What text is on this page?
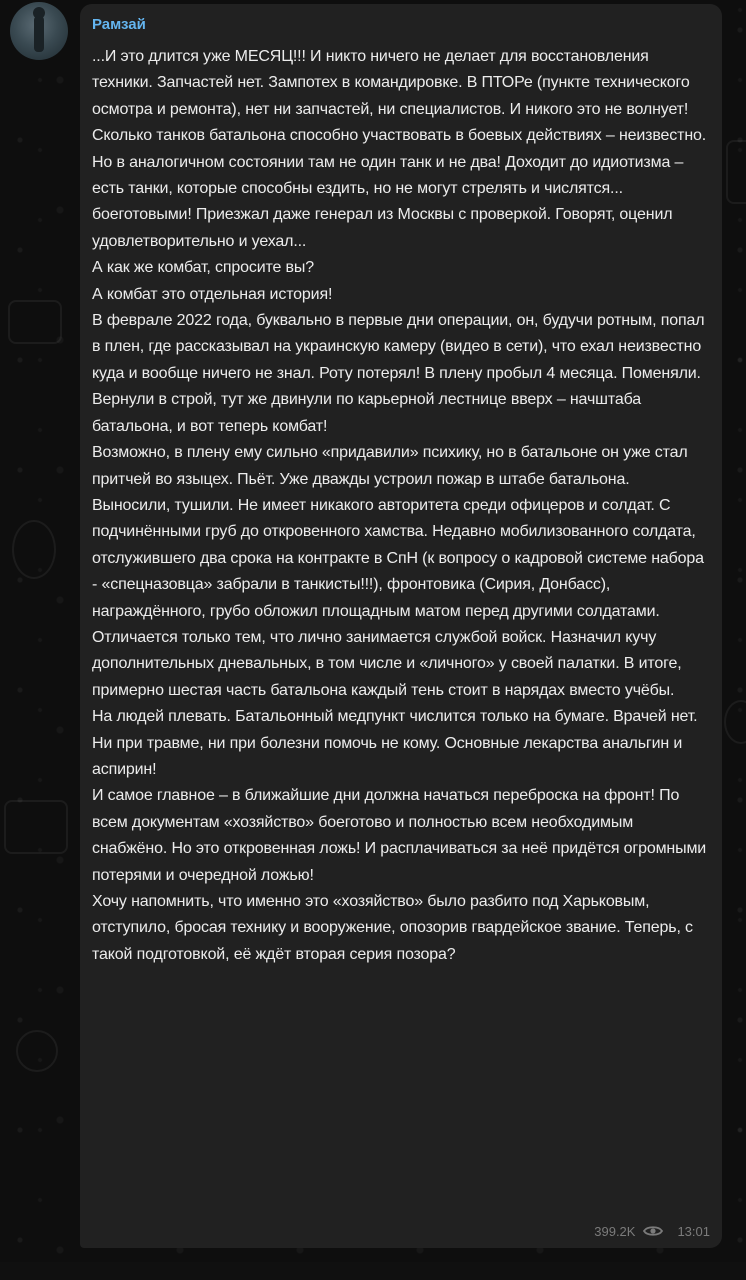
Рамзай

...И это длится уже МЕСЯЦ!!! И никто ничего не делает для восстановления техники. Запчастей нет. Зампотех в командировке. В ПТОРе (пункте технического осмотра и ремонта), нет ни запчастей, ни специалистов. И никого это не волнует!

Сколько танков батальона способно участвовать в боевых действиях – неизвестно. Но в аналогичном состоянии там не один танк и не два! Доходит до идиотизма – есть танки, которые способны ездить, но не могут стрелять и числятся... боеготовыми! Приезжал даже генерал из Москвы с проверкой. Говорят, оценил удовлетворительно и уехал...

А как же комбат, спросите вы?

А комбат это отдельная история!

В феврале 2022 года, буквально в первые дни операции, он, будучи ротным, попал в плен, где рассказывал на украинскую камеру (видео в сети), что ехал неизвестно куда и вообще ничего не знал. Роту потерял! В плену пробыл 4 месяца. Поменяли. Вернули в строй, тут же двинули по карьерной лестнице вверх – начштаба батальона, и вот теперь комбат!

Возможно, в плену ему сильно «придавили» психику, но в батальоне он уже стал притчей во языцех. Пьёт. Уже дважды устроил пожар в штабе батальона. Выносили, тушили. Не имеет никакого авторитета среди офицеров и солдат. С подчинёнными груб до откровенного хамства. Недавно мобилизованного солдата, отслужившего два срока на контракте в СпН (к вопросу о кадровой системе набора - «спецназовца» забрали в танкисты!!!), фронтовика (Сирия, Донбасс), награждённого, грубо обложил площадным матом перед другими солдатами.

Отличается только тем, что лично занимается службой войск. Назначил кучу дополнительных дневальных, в том числе и «личного» у своей палатки. В итоге, примерно шестая часть батальона каждый тень стоит в нарядах вместо учёбы.

На людей плевать. Батальонный медпункт числится только на бумаге. Врачей нет. Ни при травме, ни при болезни помочь не кому. Основные лекарства анальгин и аспирин!

И самое главное – в ближайшие дни должна начаться переброска на фронт! По всем документам «хозяйство» боеготово и полностью всем необходимым снабжёно. Но это откровенная ложь! И расплачиваться за неё придётся огромными потерями и очередной ложью!

Хочу напомнить, что именно это «хозяйство» было разбито под Харьковым, отступило, бросая технику и вооружение, опозорив гвардейское звание. Теперь, с такой подготовкой, её ждёт вторая серия позора?

399.2K	13:01
